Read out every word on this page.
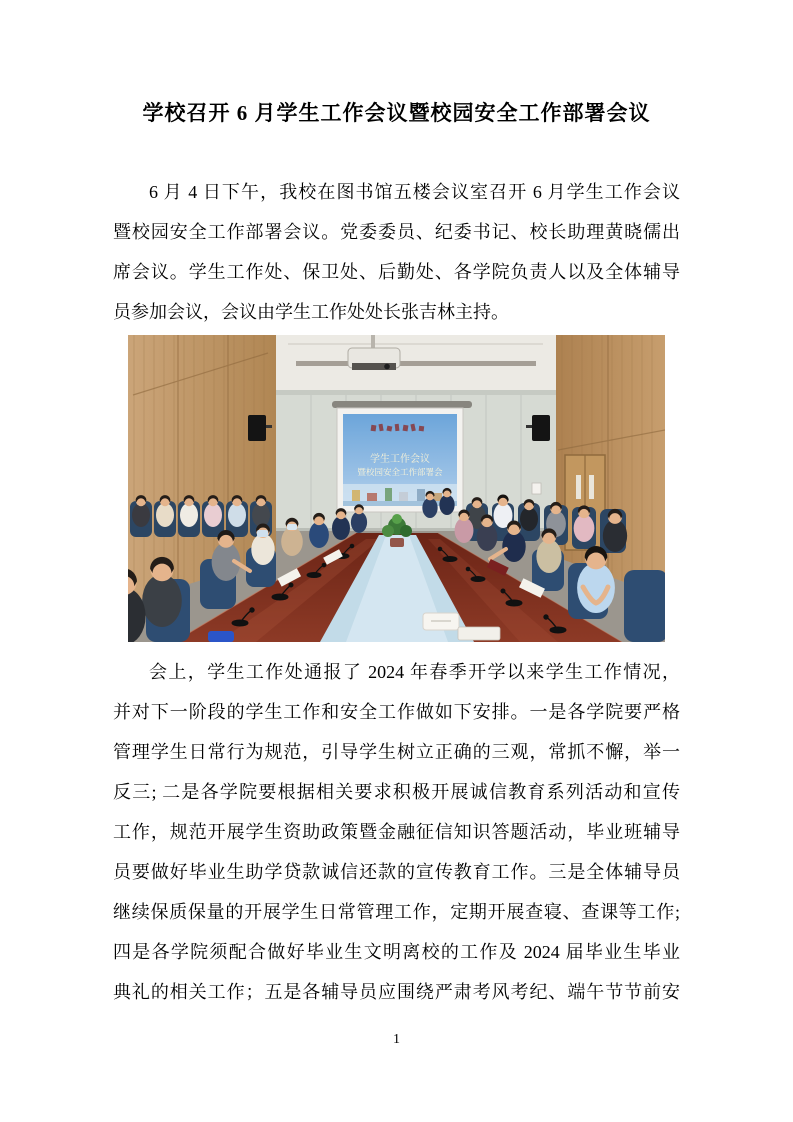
学校召开 6 月学生工作会议暨校园安全工作部署会议
6 月 4 日下午，我校在图书馆五楼会议室召开 6 月学生工作会议
暨校园安全工作部署会议。党委委员、纪委书记、校长助理黄晓儒出
席会议。学生工作处、保卫处、后勤处、各学院负责人以及全体辅导
员参加会议，会议由学生工作处处长张吉林主持。
学生工作会议
暨校园安全工作部署会
会上，学生工作处通报了 2024 年春季开学以来学生工作情况，
并对下一阶段的学生工作和安全工作做如下安排。一是各学院要严格
管理学生日常行为规范，引导学生树立正确的三观，常抓不懈，举一
反三; 二是各学院要根据相关要求积极开展诚信教育系列活动和宣传
工作，规范开展学生资助政策暨金融征信知识答题活动，毕业班辅导
员要做好毕业生助学贷款诚信还款的宣传教育工作。三是全体辅导员
继续保质保量的开展学生日常管理工作，定期开展查寝、查课等工作;
四是各学院须配合做好毕业生文明离校的工作及 2024 届毕业生毕业
典礼的相关工作；五是各辅导员应围绕严肃考风考纪、端午节节前安
1
